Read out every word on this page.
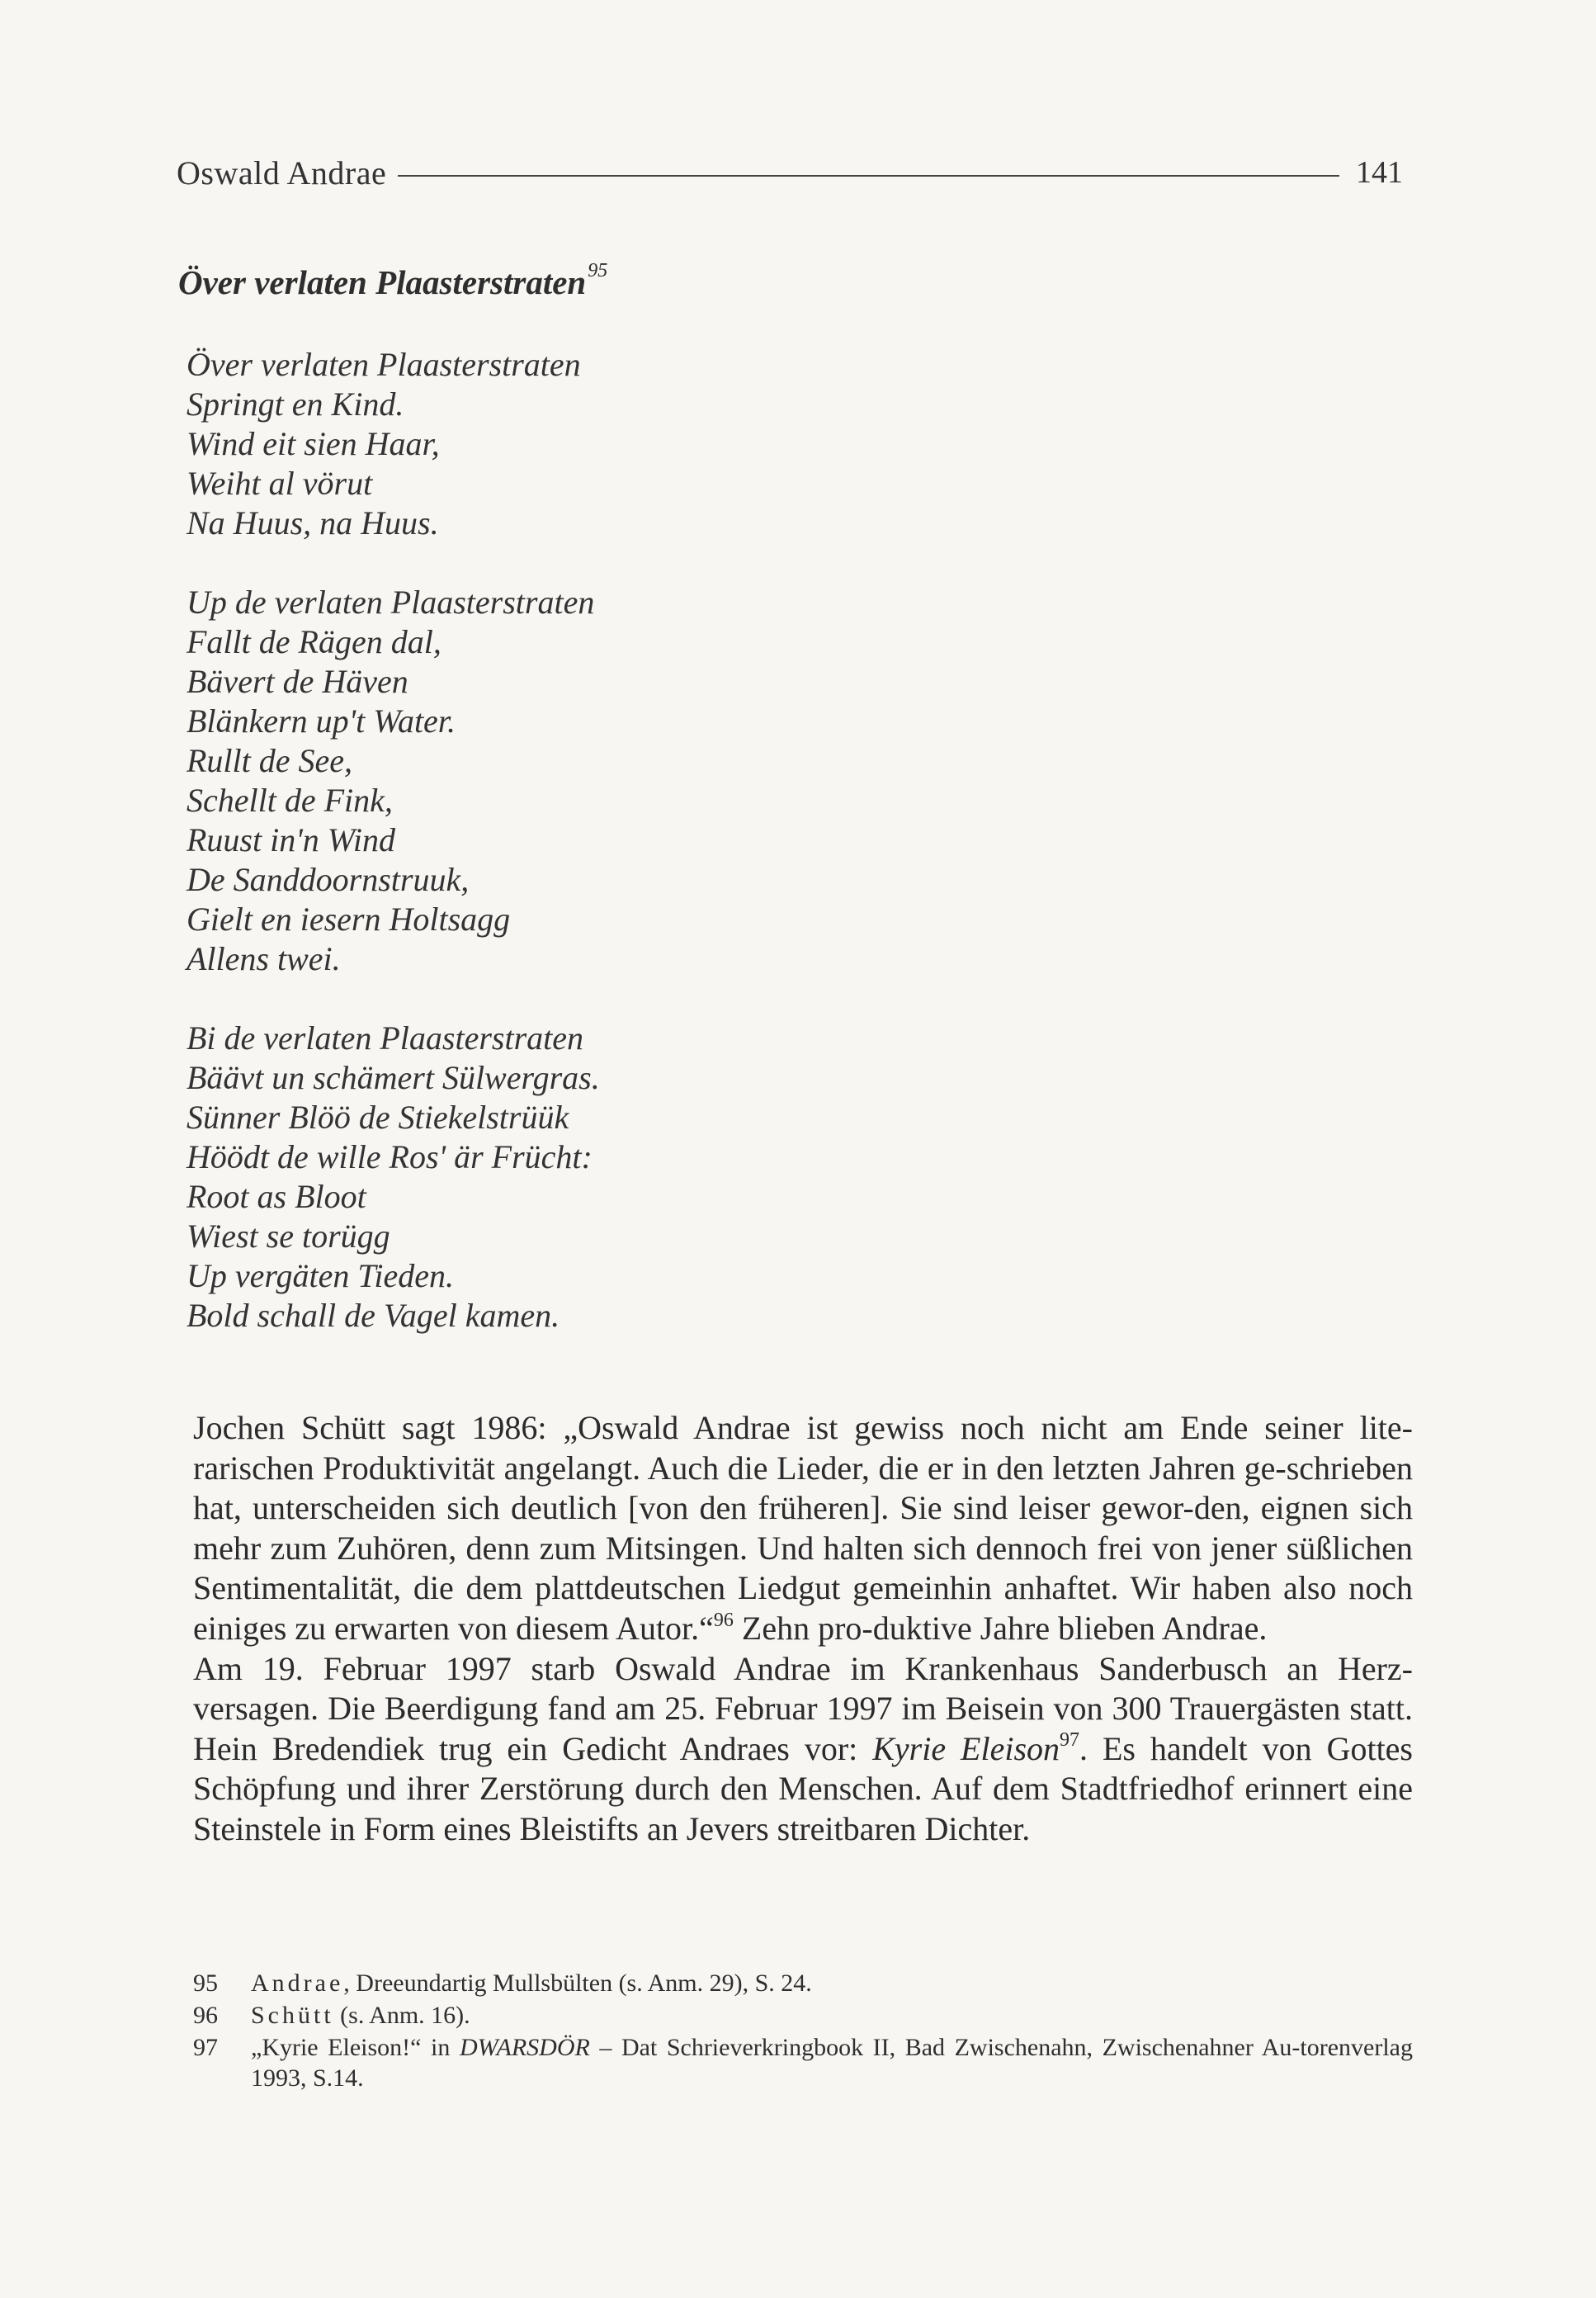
Oswald Andrae	141
Över verlaten Plaasterstraten$^{95}$
Över verlaten Plaasterstraten
Springt en Kind.
Wind eit sien Haar,
Weiht al vörut
Na Huus, na Huus.
Up de verlaten Plaasterstraten
Fallt de Rägen dal,
Bävert de Häven
Blänkern up't Water.
Rullt de See,
Schellt de Fink,
Ruust in'n Wind
De Sanddoornstruuk,
Gielt en iesern Holtsagg
Allens twei.
Bi de verlaten Plaasterstraten
Bäävt un schämert Sülwergras.
Sünner Blöö de Stiekelstrüük
Höödt de wille Ros' är Frücht:
Root as Bloot
Wiest se torügg
Up vergäten Tieden.
Bold schall de Vagel kamen.

Jochen Schütt sagt 1986: „Oswald Andrae ist gewiss noch nicht am Ende seiner lite-rarischen Produktivität angelangt. Auch die Lieder, die er in den letzten Jahren ge-schrieben hat, unterscheiden sich deutlich [von den früheren]. Sie sind leiser gewor-den, eignen sich mehr zum Zuhören, denn zum Mitsingen. Und halten sich dennoch frei von jener süßlichen Sentimentalität, die dem plattdeutschen Liedgut gemeinhin anhaftet. Wir haben also noch einiges zu erwarten von diesem Autor.“$^{96}$ Zehn pro-duktive Jahre blieben Andrae.

Am 19. Februar 1997 starb Oswald Andrae im Krankenhaus Sanderbusch an Herz-versagen. Die Beerdigung fand am 25. Februar 1997 im Beisein von 300 Trauergästen statt. Hein Bredendiek trug ein Gedicht Andraes vor: Kyrie Eleison$^{97}$. Es handelt von Gottes Schöpfung und ihrer Zerstörung durch den Menschen. Auf dem Stadtfriedhof erinnert eine Steinstele in Form eines Bleistifts an Jevers streitbaren Dichter.

95	Andrae, Dreeundartig Mullsbülten (s. Anm. 29), S. 24.
96	Schütt (s. Anm. 16).
97	„Kyrie Eleison!“ in DWARSDÖR – Dat Schrieverkringbook II, Bad Zwischenahn, Zwischenahner Au-torenverlag 1993, S.14.
